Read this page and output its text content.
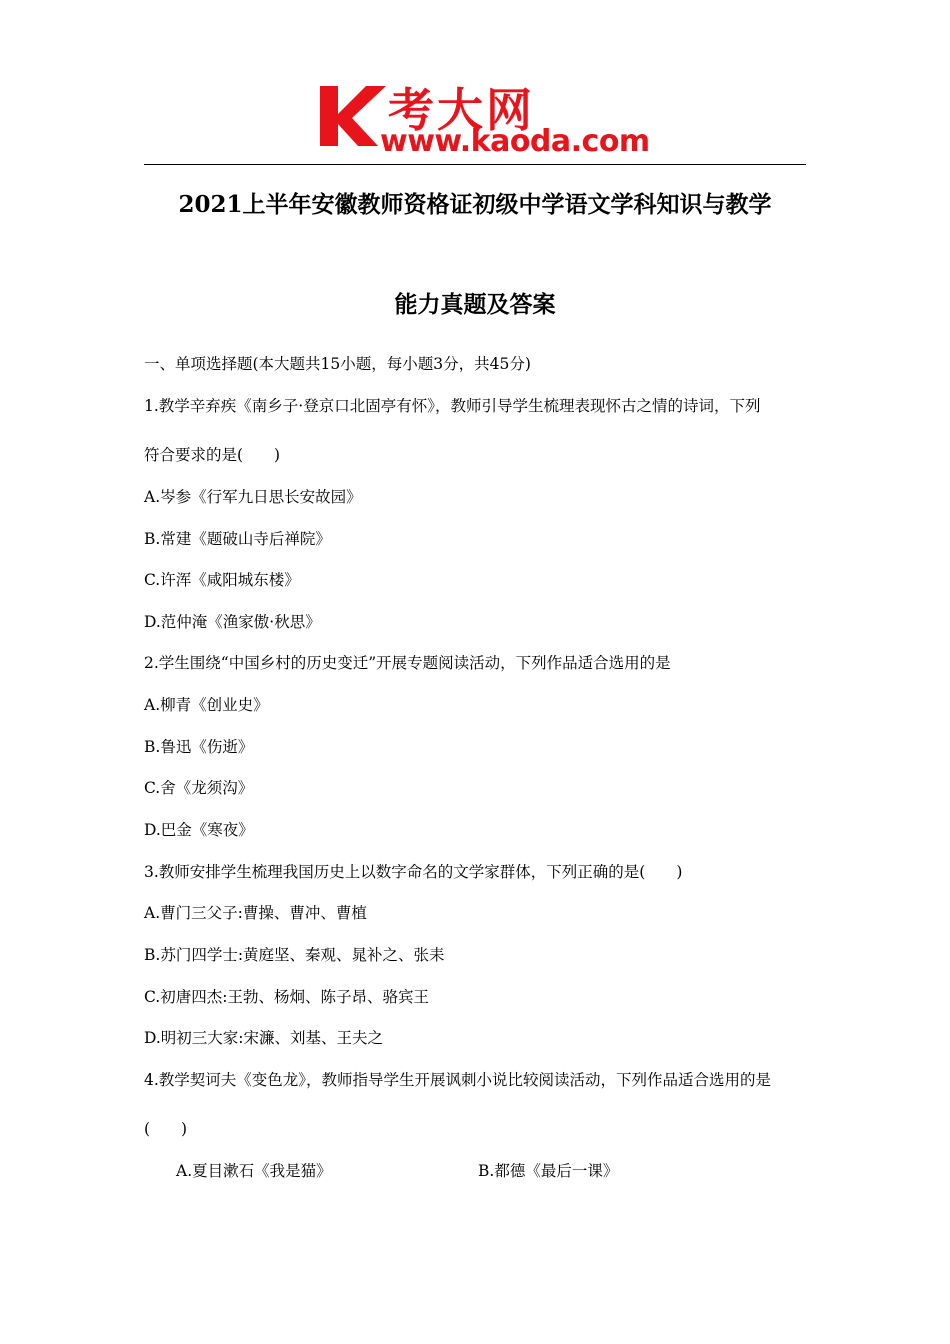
考大网
www.kaoda.com
2021上半年安徽教师资格证初级中学语文学科知识与教学
能力真题及答案
一、单项选择题(本大题共15小题，每小题3分，共45分)
1.教学辛弃疾《南乡子·登京口北固亭有怀》，教师引导学生梳理表现怀古之情的诗词，下列
符合要求的是(　　)
A.岑参《行军九日思长安故园》
B.常建《题破山寺后禅院》
C.许浑《咸阳城东楼》
D.范仲淹《渔家傲·秋思》
2.学生围绕“中国乡村的历史变迁”开展专题阅读活动，下列作品适合选用的是
A.柳青《创业史》
B.鲁迅《伤逝》
C.舍《龙须沟》
D.巴金《寒夜》
3.教师安排学生梳理我国历史上以数字命名的文学家群体，下列正确的是(　　)
A.曹门三父子:曹操、曹冲、曹植
B.苏门四学士:黄庭坚、秦观、晁补之、张耒
C.初唐四杰:王勃、杨炯、陈子昂、骆宾王
D.明初三大家:宋濂、刘基、王夫之
4.教学契诃夫《变色龙》，教师指导学生开展讽刺小说比较阅读活动，下列作品适合选用的是
(　　)
A.夏目漱石《我是猫》	B.都德《最后一课》
